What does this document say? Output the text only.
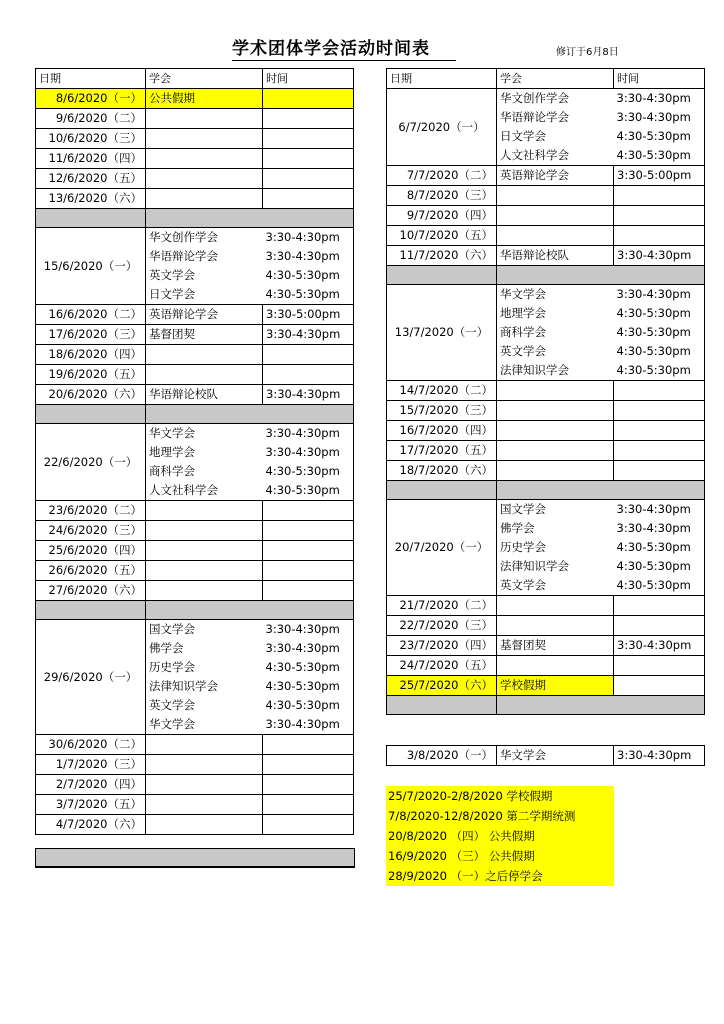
学术团体学会活动时间表	修订于6月8日
日期	学会	时间
8/6/2020（一）	公共假期	
9/6/2020（二）		
10/6/2020（三）		
11/6/2020（四）		
12/6/2020（五）		
13/6/2020（六）		

15/6/2020（一）	华文创作学会	3:30-4:30pm
	华语辩论学会	3:30-4:30pm
	英文学会	4:30-5:30pm
	日文学会	4:30-5:30pm
16/6/2020（二）	英语辩论学会	3:30-5:00pm
17/6/2020（三）	基督团契	3:30-4:30pm
18/6/2020（四）		
19/6/2020（五）		
20/6/2020（六）	华语辩论校队	3:30-4:30pm

22/6/2020（一）	华文学会	3:30-4:30pm
	地理学会	3:30-4:30pm
	商科学会	4:30-5:30pm
	人文社科学会	4:30-5:30pm
23/6/2020（二）		
24/6/2020（三）		
25/6/2020（四）		
26/6/2020（五）		
27/6/2020（六）		

29/6/2020（一）	国文学会	3:30-4:30pm
	佛学会	3:30-4:30pm
	历史学会	4:30-5:30pm
	法律知识学会	4:30-5:30pm
	英文学会	4:30-5:30pm
	华文学会	3:30-4:30pm
30/6/2020（二）		
1/7/2020（三）		
2/7/2020（四）		
3/7/2020（五）		
4/7/2020（六）		
日期	学会	时间
6/7/2020（一）	华文创作学会	3:30-4:30pm
	华语辩论学会	3:30-4:30pm
	日文学会	4:30-5:30pm
	人文社科学会	4:30-5:30pm
7/7/2020（二）	英语辩论学会	3:30-5:00pm
8/7/2020（三）		
9/7/2020（四）		
10/7/2020（五）		
11/7/2020（六）	华语辩论校队	3:30-4:30pm

13/7/2020（一）	华文学会	3:30-4:30pm
	地理学会	4:30-5:30pm
	商科学会	4:30-5:30pm
	英文学会	4:30-5:30pm
	法律知识学会	4:30-5:30pm
14/7/2020（二）		
15/7/2020（三）		
16/7/2020（四）		
17/7/2020（五）		
18/7/2020（六）		

20/7/2020（一）	国文学会	3:30-4:30pm
	佛学会	3:30-4:30pm
	历史学会	4:30-5:30pm
	法律知识学会	4:30-5:30pm
	英文学会	4:30-5:30pm
21/7/2020（二）		
22/7/2020（三）		
23/7/2020（四）	基督团契	3:30-4:30pm
24/7/2020（五）		
25/7/2020（六）	学校假期	

3/8/2020（一）	华文学会	3:30-4:30pm
25/7/2020-2/8/2020 学校假期
7/8/2020-12/8/2020 第二学期统测
20/8/2020 （四） 公共假期
16/9/2020 （三） 公共假期
28/9/2020 （一）之后停学会
